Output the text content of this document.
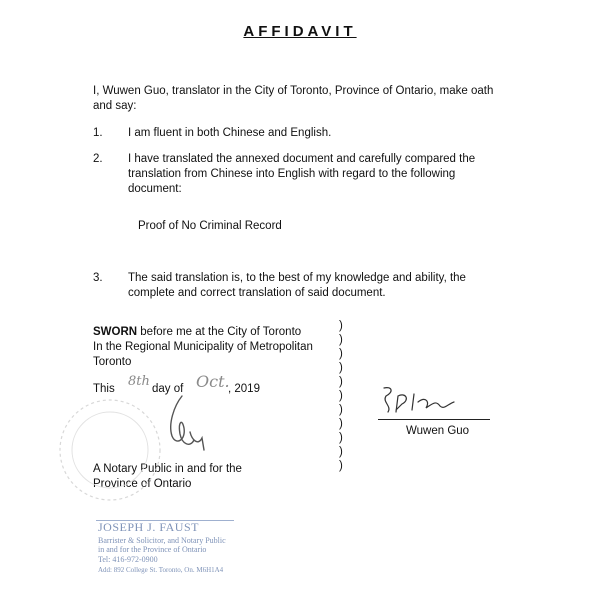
AFFIDAVIT
I, Wuwen Guo, translator in the City of Toronto, Province of Ontario, make oath
and say:
1. I am fluent in both Chinese and English.
2. I have translated the annexed document and carefully compared the
translation from Chinese into English with regard to the following
document:
Proof of No Criminal Record
3. The said translation is, to the best of my knowledge and ability, the
complete and correct translation of said document.
SWORN before me at the City of Toronto
In the Regional Municipality of Metropolitan
Toronto
This 8th day of Oct.
, 2019
A Notary Public in and for the
Province of Ontario
)
)
)
)
)
)
)
)
)
)
)
Wuwen Guo
JOSEPH J. FAUST
Barrister & Solicitor, and Notary Public
in and for the Province of Ontario
Tel: 416-972-0900
Add: 892 College St. Toronto, On. M6H1A4
